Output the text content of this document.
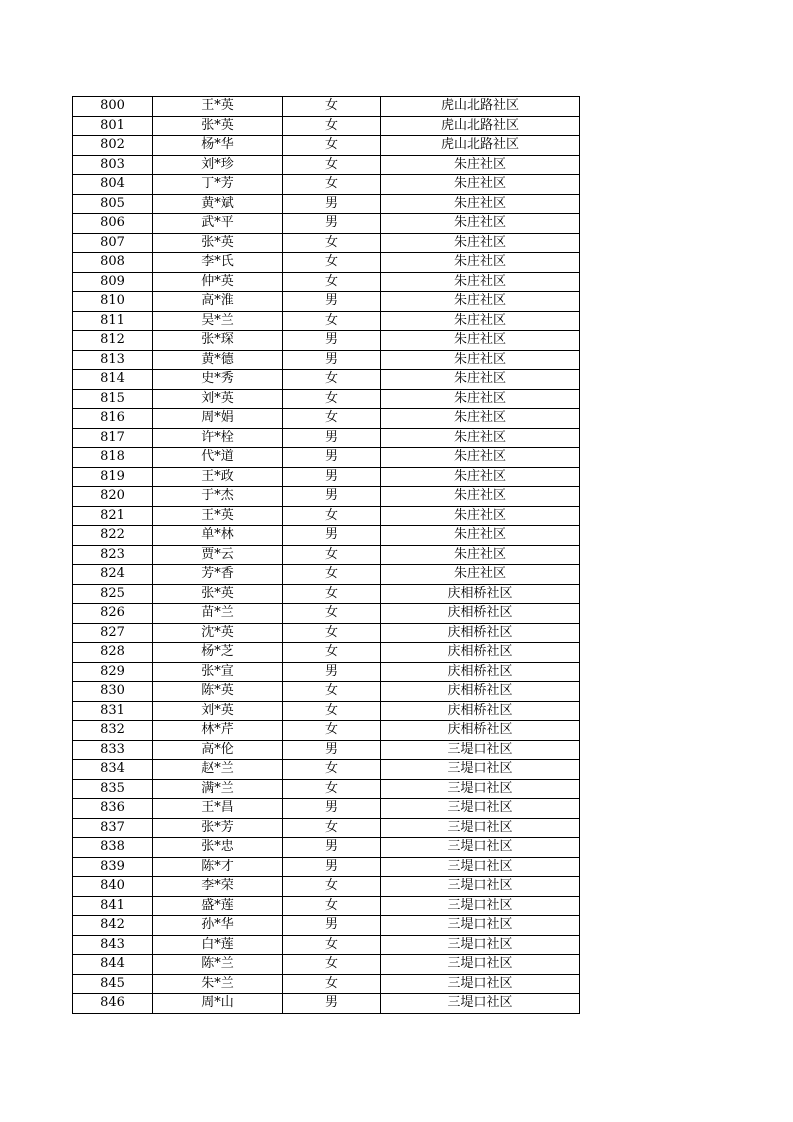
800	王*英	女	虎山北路社区
801	张*英	女	虎山北路社区
802	杨*华	女	虎山北路社区
803	刘*珍	女	朱庄社区
804	丁*芳	女	朱庄社区
805	黄*斌	男	朱庄社区
806	武*平	男	朱庄社区
807	张*英	女	朱庄社区
808	李*氏	女	朱庄社区
809	仲*英	女	朱庄社区
810	高*淮	男	朱庄社区
811	吴*兰	女	朱庄社区
812	张*琛	男	朱庄社区
813	黄*德	男	朱庄社区
814	史*秀	女	朱庄社区
815	刘*英	女	朱庄社区
816	周*娟	女	朱庄社区
817	许*栓	男	朱庄社区
818	代*道	男	朱庄社区
819	王*政	男	朱庄社区
820	于*杰	男	朱庄社区
821	王*英	女	朱庄社区
822	单*林	男	朱庄社区
823	贾*云	女	朱庄社区
824	芳*香	女	朱庄社区
825	张*英	女	庆相桥社区
826	苗*兰	女	庆相桥社区
827	沈*英	女	庆相桥社区
828	杨*芝	女	庆相桥社区
829	张*宣	男	庆相桥社区
830	陈*英	女	庆相桥社区
831	刘*英	女	庆相桥社区
832	林*芹	女	庆相桥社区
833	高*伦	男	三堤口社区
834	赵*兰	女	三堤口社区
835	满*兰	女	三堤口社区
836	王*昌	男	三堤口社区
837	张*芳	女	三堤口社区
838	张*忠	男	三堤口社区
839	陈*才	男	三堤口社区
840	李*荣	女	三堤口社区
841	盛*莲	女	三堤口社区
842	孙*华	男	三堤口社区
843	白*莲	女	三堤口社区
844	陈*兰	女	三堤口社区
845	朱*兰	女	三堤口社区
846	周*山	男	三堤口社区
